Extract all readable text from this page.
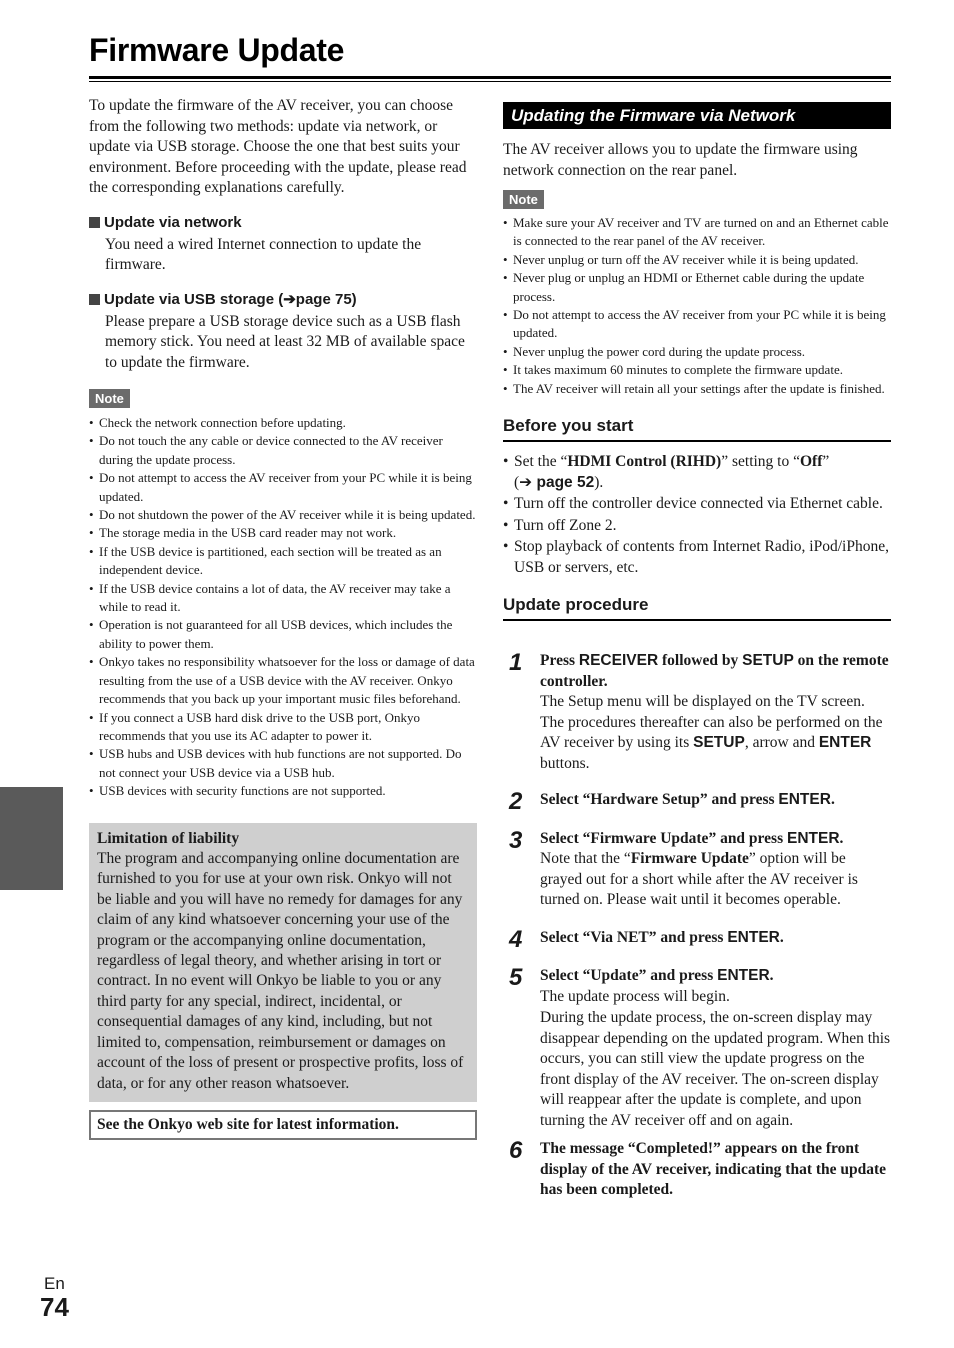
Firmware Update

To update the firmware of the AV receiver, you can choose from the following two methods: update via network, or update via USB storage. Choose the one that best suits your environment. Before proceeding with the update, please read the corresponding explanations carefully.

Update via network

You need a wired Internet connection to update the firmware.

Update via USB storage ( ➔ page 75)

Please prepare a USB storage device such as a USB flash memory stick. You need at least 32 MB of available space to update the firmware.

Note
• Check the network connection before updating.
• Do not touch the any cable or device connected to the AV receiver during the update process.
• Do not attempt to access the AV receiver from your PC while it is being updated.
• Do not shutdown the power of the AV receiver while it is being updated.
• The storage media in the USB card reader may not work.
• If the USB device is partitioned, each section will be treated as an independent device.
• If the USB device contains a lot of data, the AV receiver may take a while to read it.
• Operation is not guaranteed for all USB devices, which includes the ability to power them.
• Onkyo takes no responsibility whatsoever for the loss or damage of data resulting from the use of a USB device with the AV receiver. Onkyo recommends that you back up your important music files beforehand.
• If you connect a USB hard disk drive to the USB port, Onkyo recommends that you use its AC adapter to power it.
• USB hubs and USB devices with hub functions are not supported. Do not connect your USB device via a USB hub.
• USB devices with security functions are not supported.

Limitation of liability

The program and accompanying online documentation are furnished to you for use at your own risk. Onkyo will not be liable and you will have no remedy for damages for any claim of any kind whatsoever concerning your use of the program or the accompanying online documentation, regardless of legal theory, and whether arising in tort or contract. In no event will Onkyo be liable to you or any third party for any special, indirect, incidental, or consequential damages of any kind, including, but not limited to, compensation, reimbursement or damages on account of the loss of present or prospective profits, loss of data, or for any other reason whatsoever.

See the Onkyo web site for latest information.
Updating the Firmware via Network

The AV receiver allows you to update the firmware using network connection on the rear panel.

Note
• Make sure your AV receiver and TV are turned on and an Ethernet cable is connected to the rear panel of the AV receiver.
• Never unplug or turn off the AV receiver while it is being updated.
• Never plug or unplug an HDMI or Ethernet cable during the update process.
• Do not attempt to access the AV receiver from your PC while it is being updated.
• Never unplug the power cord during the update process.
• It takes maximum 60 minutes to complete the firmware update.
• The AV receiver will retain all your settings after the update is finished.
Before you start
• Set the “HDMI Control (RIHD)” setting to “Off”
(➔ page 52).
• Turn off the controller device connected via Ethernet cable.
• Turn off Zone 2.
• Stop playback of contents from Internet Radio, iPod/iPhone, USB or servers, etc.
Update procedure
1 Press RECEIVER followed by SETUP on the remote controller.

The Setup menu will be displayed on the TV screen. The procedures thereafter can also be performed on the AV receiver by using its SETUP, arrow and ENTER buttons.

2 Select “Hardware Setup” and press ENTER.

3 Select “Firmware Update” and press ENTER.

Note that the “Firmware Update” option will be grayed out for a short while after the AV receiver is turned on. Please wait until it becomes operable.

4 Select “Via NET” and press ENTER.

5 Select “Update” and press ENTER.

The update process will begin.

During the update process, the on-screen display may disappear depending on the updated program. When this occurs, you can still view the update progress on the front display of the AV receiver. The on-screen display will reappear after the update is complete, and upon turning the AV receiver off and on again.

6 The message “Completed!” appears on the front display of the AV receiver, indicating that the update has been completed.

En
74
